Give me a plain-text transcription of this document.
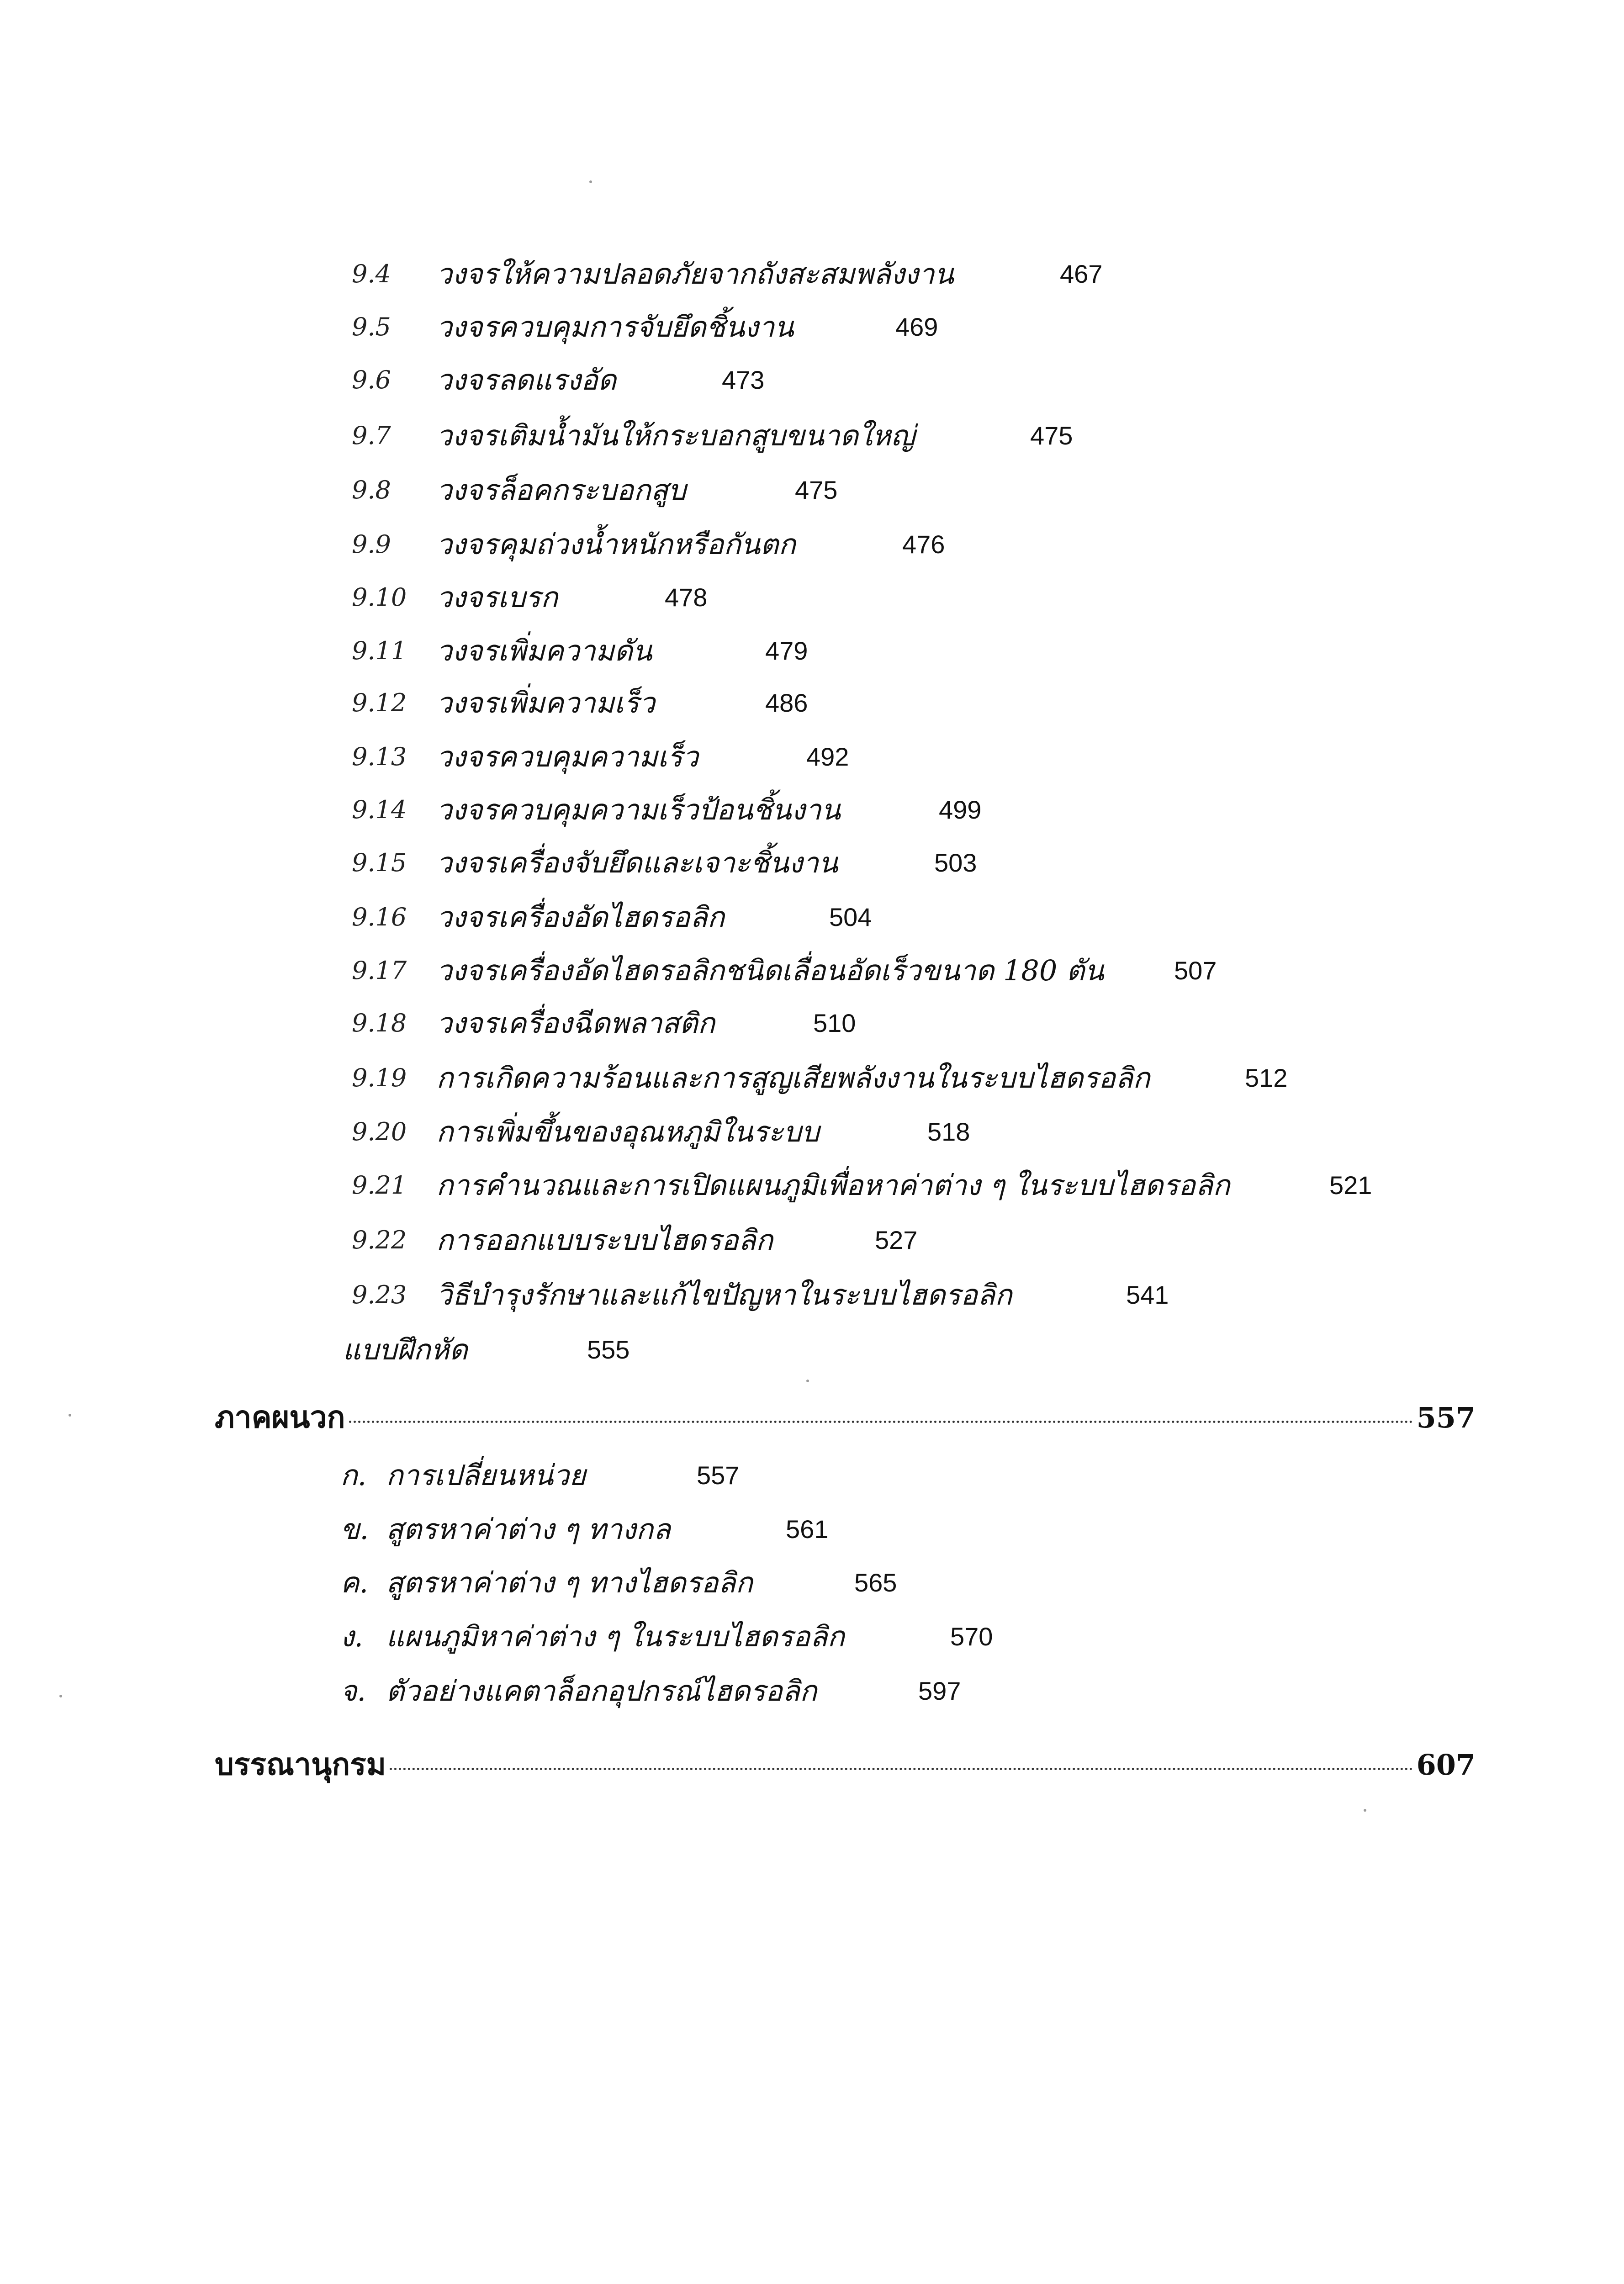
9.4 วงจรให้ความปลอดภัยจากถังสะสมพลังงาน	467
9.5 วงจรควบคุมการจับยึดชิ้นงาน	469
9.6 วงจรลดแรงอัด	473
9.7 วงจรเติมน้ำมันให้กระบอกสูบขนาดใหญ่	475
9.8 วงจรล็อคกระบอกสูบ	475
9.9 วงจรคุมถ่วงน้ำหนักหรือกันตก	476
9.10 วงจรเบรก	478
9.11 วงจรเพิ่มความดัน	479
9.12 วงจรเพิ่มความเร็ว	486
9.13 วงจรควบคุมความเร็ว	492
9.14 วงจรควบคุมความเร็วป้อนชิ้นงาน	499
9.15 วงจรเครื่องจับยึดและเจาะชิ้นงาน	503
9.16 วงจรเครื่องอัดไฮดรอลิก	504
9.17 วงจรเครื่องอัดไฮดรอลิกชนิดเลื่อนอัดเร็วขนาด 180 ตัน	507
9.18 วงจรเครื่องฉีดพลาสติก	510
9.19 การเกิดความร้อนและการสูญเสียพลังงานในระบบไฮดรอลิก	512
9.20 การเพิ่มขึ้นของอุณหภูมิในระบบ	518
9.21 การคำนวณและการเปิดแผนภูมิเพื่อหาค่าต่าง ๆ ในระบบไฮดรอลิก	521
9.22 การออกแบบระบบไฮดรอลิก	527
9.23 วิธีบำรุงรักษาและแก้ไขปัญหาในระบบไฮดรอลิก	541
แบบฝึกหัด	555
ภาคผนวก	557
ก. การเปลี่ยนหน่วย	557
ข. สูตรหาค่าต่าง ๆ ทางกล	561
ค. สูตรหาค่าต่าง ๆ ทางไฮดรอลิก	565
ง. แผนภูมิหาค่าต่าง ๆ ในระบบไฮดรอลิก	570
จ. ตัวอย่างแคตาล็อกอุปกรณ์ไฮดรอลิก	597
บรรณานุกรม	607
